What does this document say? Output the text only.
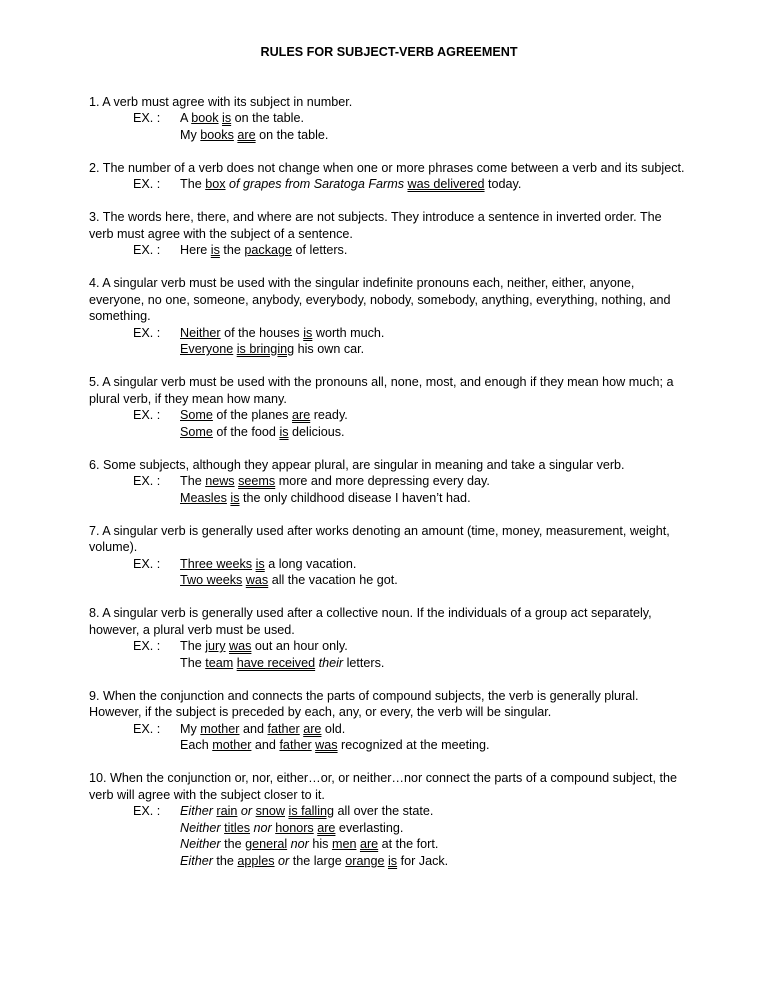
RULES FOR SUBJECT-VERB AGREEMENT

1. A verb must agree with its subject in number.

EX. : A book is on the table.
My books are on the table.

2. The number of a verb does not change when one or more phrases come between a verb and its subject.

EX. : The box of grapes from Saratoga Farms was delivered today.

3. The words here, there, and where are not subjects. They introduce a sentence in inverted order. The verb must agree with the subject of a sentence.

EX. : Here is the package of letters.

4. A singular verb must be used with the singular indefinite pronouns each, neither, either, anyone, everyone, no one, someone, anybody, everybody, nobody, somebody, anything, everything, nothing, and something.

EX. : Neither of the houses is worth much.
Everyone is bringing his own car.

5. A singular verb must be used with the pronouns all, none, most, and enough if they mean how much; a plural verb, if they mean how many.

EX. : Some of the planes are ready.
Some of the food is delicious.

6. Some subjects, although they appear plural, are singular in meaning and take a singular verb.

EX. : The news seems more and more depressing every day.
Measles is the only childhood disease I haven’t had.

7. A singular verb is generally used after works denoting an amount (time, money, measurement, weight, volume).

EX. : Three weeks is a long vacation.
Two weeks was all the vacation he got.

8. A singular verb is generally used after a collective noun. If the individuals of a group act separately, however, a plural verb must be used.

EX. : The jury was out an hour only.
The team have received their letters.

9. When the conjunction and connects the parts of compound subjects, the verb is generally plural. However, if the subject is preceded by each, any, or every, the verb will be singular.

EX. : My mother and father are old.
Each mother and father was recognized at the meeting.

10. When the conjunction or, nor, either…or, or neither…nor connect the parts of a compound subject, the verb will agree with the subject closer to it.

EX. : Either rain or snow is falling all over the state.
Neither titles nor honors are everlasting.
Neither the general nor his men are at the fort.
Either the apples or the large orange is for Jack.
